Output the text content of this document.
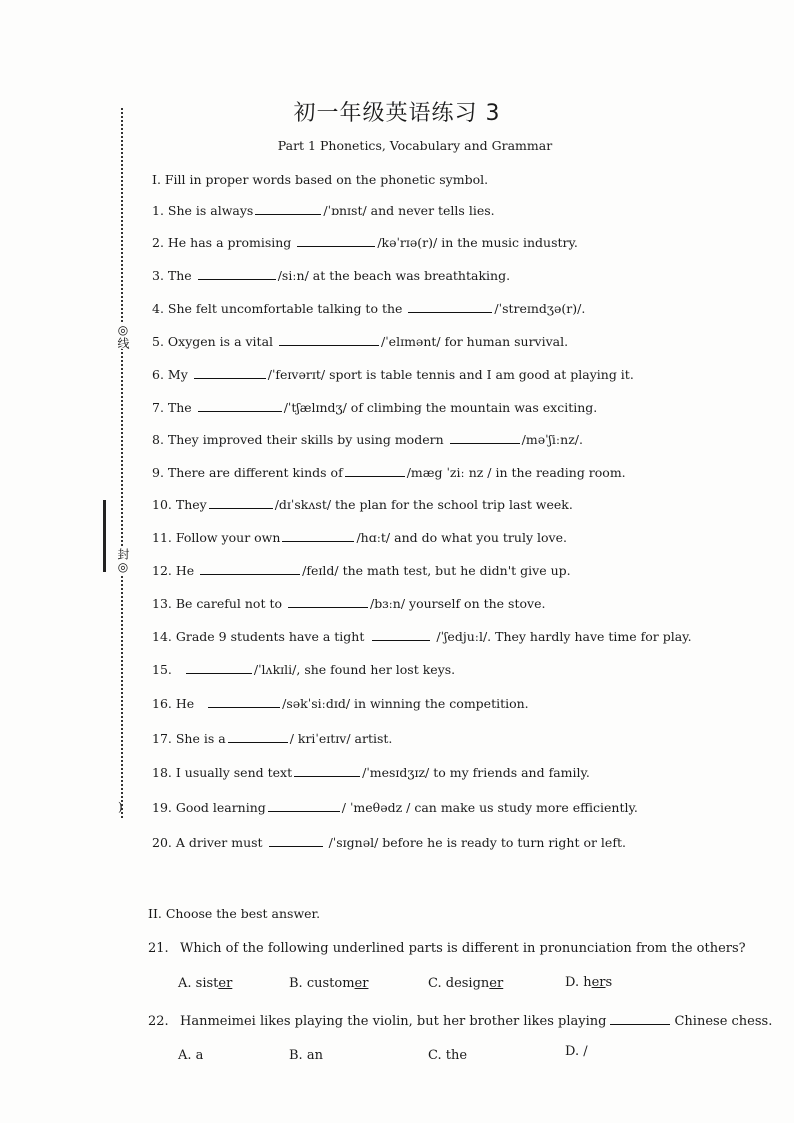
◎线
封◎
)
初一年级英语练习 3
Part 1 Phonetics, Vocabulary and Grammar
I. Fill in proper words based on the phonetic symbol.
1. She is always	/ˈɒnɪst/ and never tells lies.
2. He has a promising	/kəˈrɪə(r)/ in the music industry.
3. The	/siːn/ at the beach was breathtaking.
4. She felt uncomfortable talking to the	/ˈstreɪndʒə(r)/.
5. Oxygen is a vital	/ˈelɪmənt/ for human survival.
6. My	/ˈfeɪvərɪt/ sport is table tennis and I am good at playing it.
7. The	/ˈtʃælɪndʒ/ of climbing the mountain was exciting.
8. They improved their skills by using modern	/məˈʃiːnz/.
9. There are different kinds of	/mæg ˈziː nz / in the reading room.
10. They	/dɪˈskʌst/ the plan for the school trip last week.
11. Follow your own	/hɑːt/ and do what you truly love.
12. He	/feɪld/ the math test, but he didn't give up.
13. Be careful not to	/bɜːn/ yourself on the stove.
14. Grade 9 students have a tight	/ˈʃedjuːl/. They hardly have time for play.
15.	/ˈlʌkɪli/, she found her lost keys.
16. He	/səkˈsiːdɪd/ in winning the competition.
17. She is a	/ kriˈeɪtɪv/ artist.
18. I usually send text	/ˈmesɪdʒɪz/ to my friends and family.
19. Good learning	/ ˈmeθədz / can make us study more efficiently.
20. A driver must	/ˈsɪgnəl/ before he is ready to turn right or left.
II. Choose the best answer.
21. Which of the following underlined parts is different in pronunciation from the others?
A. sister	B. customer	C. designer	D. hers
22. Hanmeimei likes playing the violin, but her brother likes playing	Chinese chess.
A. a	B. an	C. the	D. /
